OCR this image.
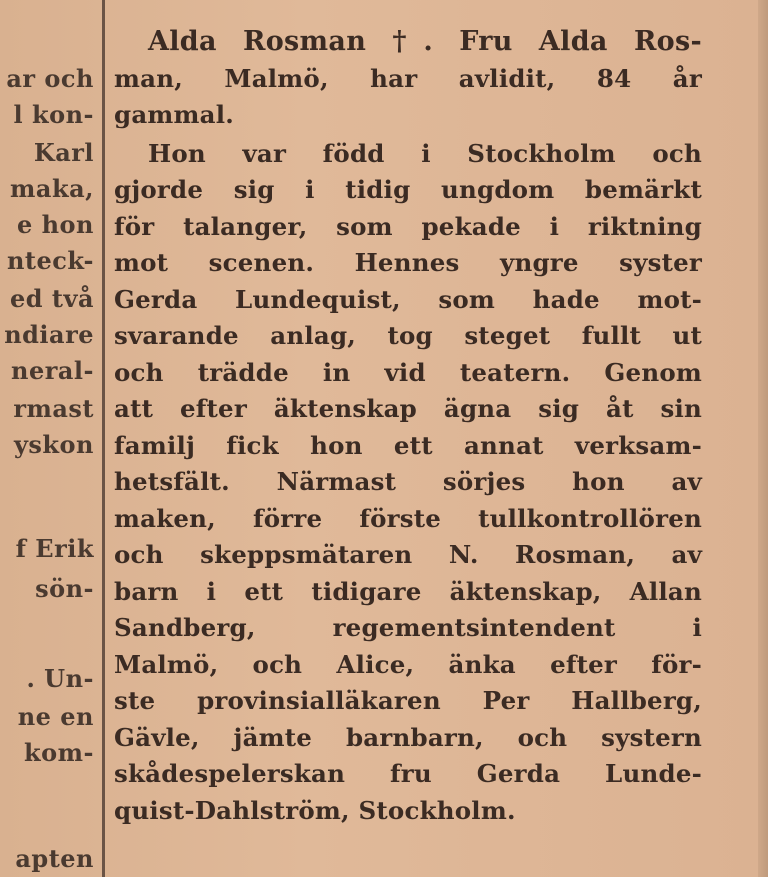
ar och
l kon-
Karl
maka,
e hon
nteck-
ed två
ndiare
neral-
rmast
yskon
f Erik
sön-
. Un-
ne en
kom-
apten
Alda Rosman †. Fru Alda Ros-
man, Malmö, har avlidit, 84 år
gammal.
Hon var född i Stockholm och
gjorde sig i tidig ungdom bemärkt
för talanger, som pekade i riktning
mot scenen. Hennes yngre syster
Gerda Lundequist, som hade mot-
svarande anlag, tog steget fullt ut
och trädde in vid teatern. Genom
att efter äktenskap ägna sig åt sin
familj fick hon ett annat verksam-
hetsfält. Närmast sörjes hon av
maken, förre förste tullkontrollören
och skeppsmätaren N. Rosman, av
barn i ett tidigare äktenskap, Allan
Sandberg, regementsintendent i
Malmö, och Alice, änka efter för-
ste provinsialläkaren Per Hallberg,
Gävle, jämte barnbarn, och systern
skådespelerskan fru Gerda Lunde-
quist-Dahlström, Stockholm.
